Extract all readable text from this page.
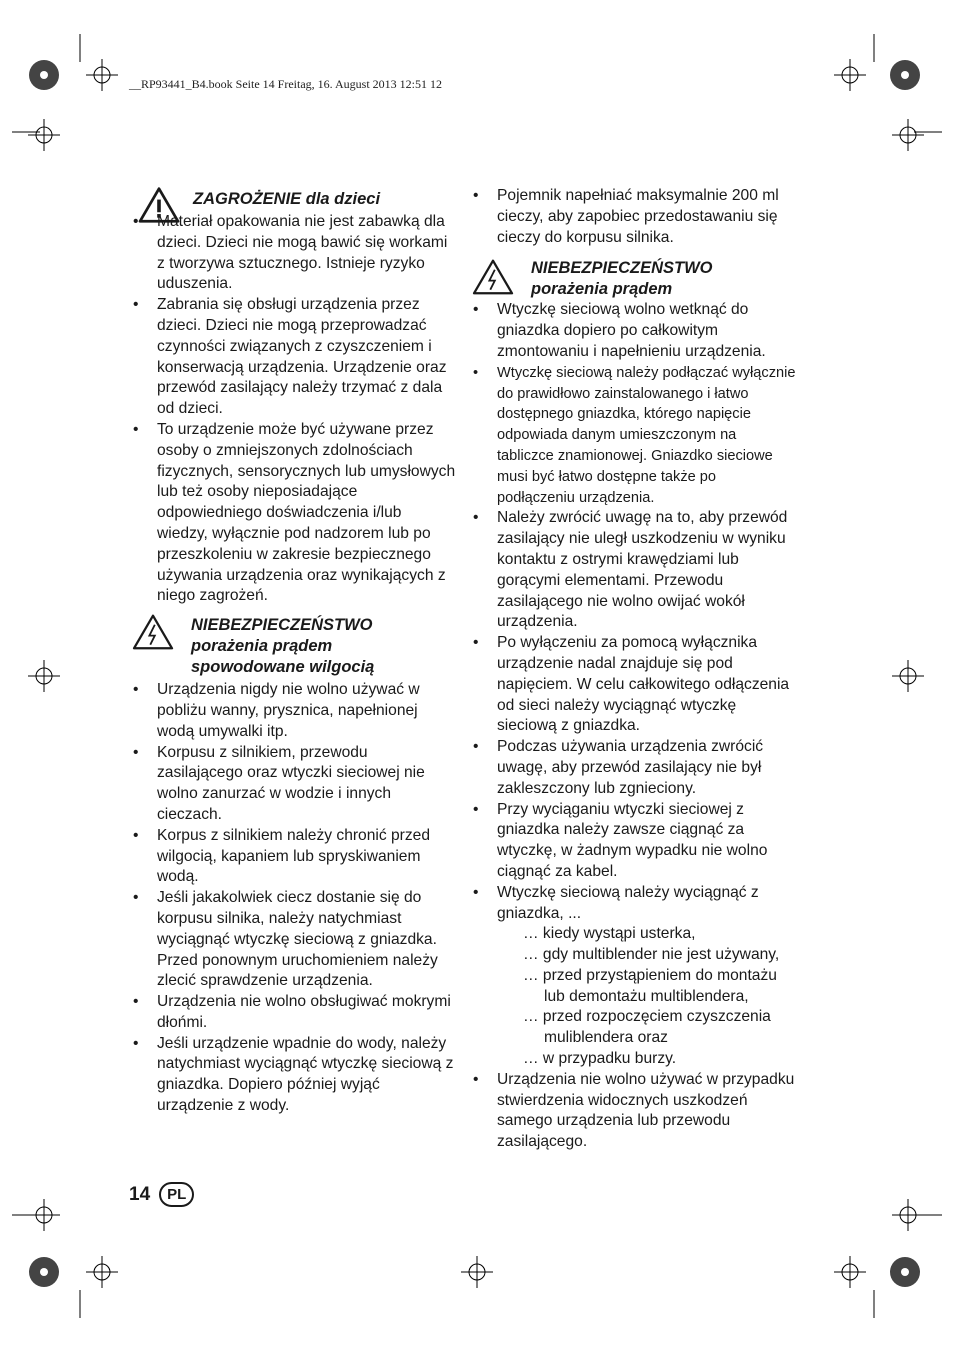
__RP93441_B4.book Seite 14 Freitag, 16. August 2013 12:51 12
ZAGROŻENIE dla dzieci
• Materiał opakowania nie jest zabawką dla dzieci. Dzieci nie mogą bawić się workami z tworzywa sztucznego. Istnieje ryzyko uduszenia.
• Zabrania się obsługi urządzenia przez dzieci. Dzieci nie mogą przeprowadzać czynności związanych z czyszczeniem i konserwacją urządzenia. Urządzenie oraz przewód zasilający należy trzymać z dala od dzieci.
• To urządzenie może być używane przez osoby o zmniejszonych zdolnościach fizycznych, sensorycznych lub umysłowych lub też osoby nieposiadające odpowiedniego doświadczenia i/lub wiedzy, wyłącznie pod nadzorem lub po przeszkoleniu w zakresie bezpiecznego używania urządzenia oraz wynikających z niego zagrożeń.
NIEBEZPIECZEŃSTWO
porażenia prądem
spowodowane wilgocią
• Urządzenia nigdy nie wolno używać w pobliżu wanny, prysznica, napełnionej wodą umywalki itp.
• Korpusu z silnikiem, przewodu zasilającego oraz wtyczki sieciowej nie wolno zanurzać w wodzie i innych cieczach.
• Korpus z silnikiem należy chronić przed wilgocią, kapaniem lub spryskiwaniem wodą.
• Jeśli jakakolwiek ciecz dostanie się do korpusu silnika, należy natychmiast wyciągnąć wtyczkę sieciową z gniazdka. Przed ponownym uruchomieniem należy zlecić sprawdzenie urządzenia.
• Urządzenia nie wolno obsługiwać mokrymi dłońmi.
• Jeśli urządzenie wpadnie do wody, należy natychmiast wyciągnąć wtyczkę sieciową z gniazdka. Dopiero później wyjąć urządzenie z wody.
• Pojemnik napełniać maksymalnie 200 ml cieczy, aby zapobiec przedostawaniu się cieczy do korpusu silnika.
NIEBEZPIECZEŃSTWO
porażenia prądem
• Wtyczkę sieciową wolno wetknąć do gniazdka dopiero po całkowitym zmontowaniu i napełnieniu urządzenia.
• Wtyczkę sieciową należy podłączać wyłącznie do prawidłowo zainstalowanego i łatwo dostępnego gniazdka, którego napięcie odpowiada danym umieszczonym na tabliczce znamionowej. Gniazdko sieciowe musi być łatwo dostępne także po podłączeniu urządzenia.
• Należy zwrócić uwagę na to, aby przewód zasilający nie uległ uszkodzeniu w wyniku kontaktu z ostrymi krawędziami lub gorącymi elementami. Przewodu zasilającego nie wolno owijać wokół urządzenia.
• Po wyłączeniu za pomocą wyłącznika urządzenie nadal znajduje się pod napięciem. W celu całkowitego odłączenia od sieci należy wyciągnąć wtyczkę sieciową z gniazdka.
• Podczas używania urządzenia zwrócić uwagę, aby przewód zasilający nie był zakleszczony lub zgnieciony.
• Przy wyciąganiu wtyczki sieciowej z gniazdka należy zawsze ciągnąć za wtyczkę, w żadnym wypadku nie wolno ciągnąć za kabel.
• Wtyczkę sieciową należy wyciągnąć z gniazdka, ...
… kiedy wystąpi usterka,
… gdy multiblender nie jest używany,
… przed przystąpieniem do montażu lub demontażu multiblendera,
… przed rozpoczęciem czyszczenia muliblendera oraz
… w przypadku burzy.
• Urządzenia nie wolno używać w przypadku stwierdzenia widocznych uszkodzeń samego urządzenia lub przewodu zasilającego.
14	PL
